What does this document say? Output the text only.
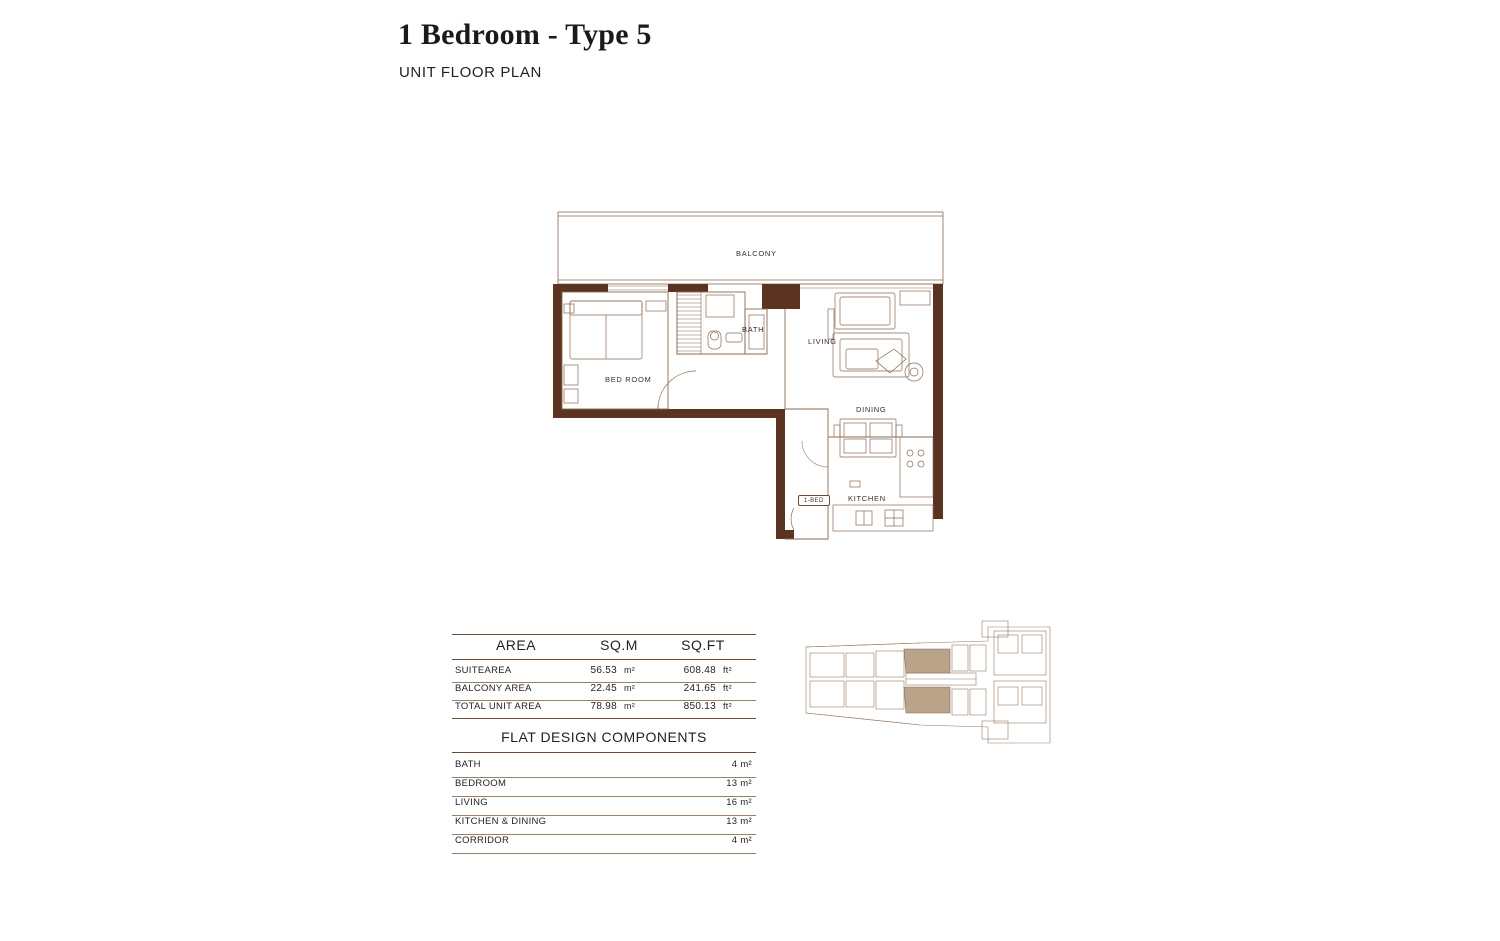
1 Bedroom - Type 5
UNIT FLOOR PLAN
BALCONY
BATH
LIVING
BED ROOM
DINING
KITCHEN
1-BED
AREA	SQ.M	SQ.FT
SUITEAREA	56.53 m²	608.48 ft²
BALCONY AREA	22.45 m²	241.65 ft²
TOTAL UNIT AREA	78.98 m²	850.13 ft²
FLAT DESIGN COMPONENTS
BATH	4 m²
BEDROOM	13 m²
LIVING	16 m²
KITCHEN & DINING	13 m²
CORRIDOR	4 m²
